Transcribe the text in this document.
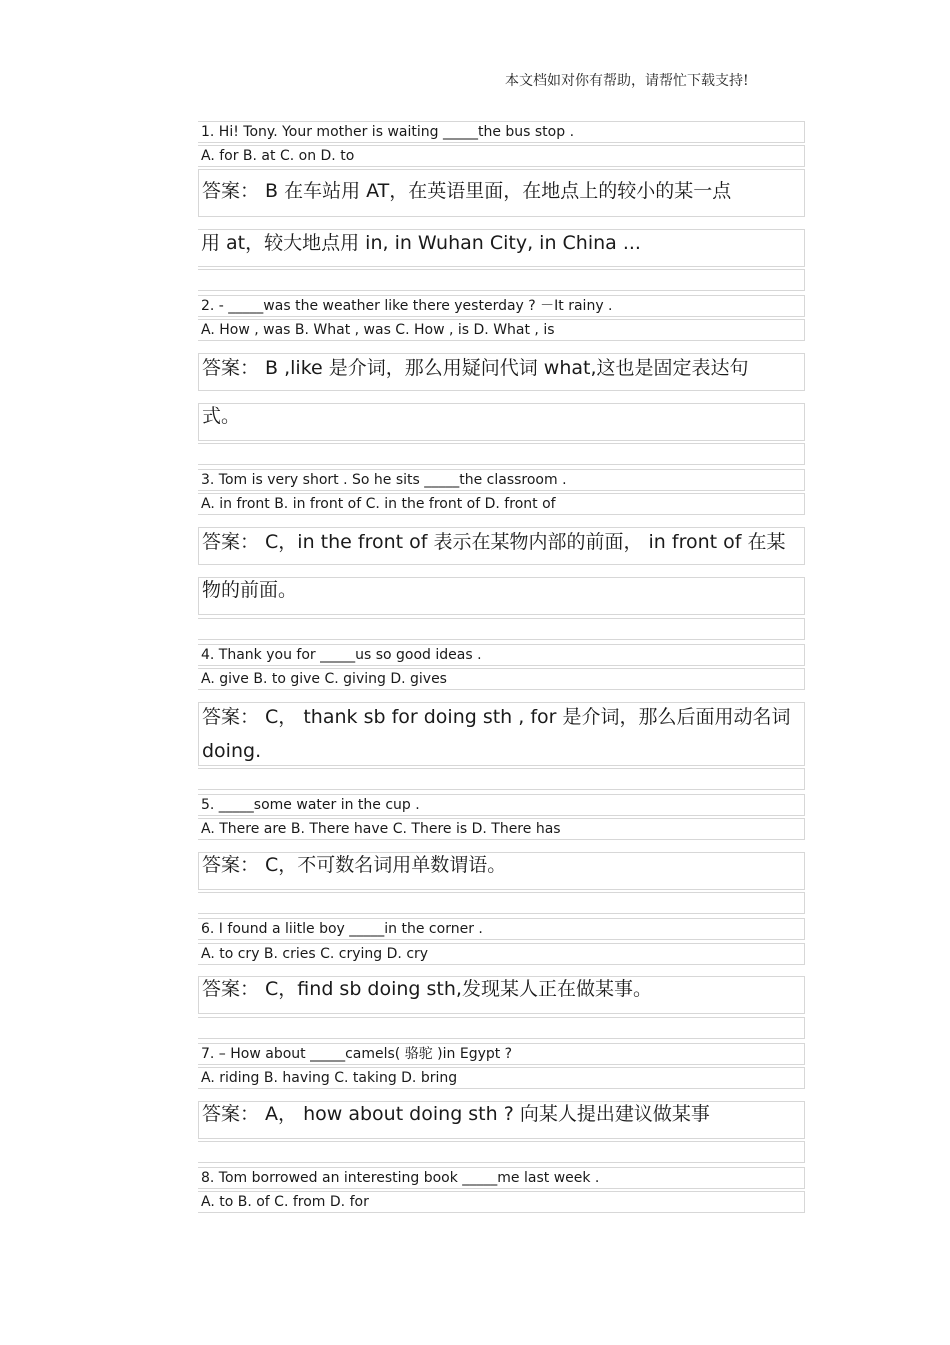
本文档如对你有帮助，请帮忙下载支持!
1. Hi! Tony. Your mother is waiting _____the bus stop .
A. for B. at C. on D. to
答案： B 在车站用 AT，在英语里面，在地点上的较小的某一点
用 at，较大地点用 in, in Wuhan City, in China ...
2. - _____was the weather like there yesterday ? －It rainy .
A. How , was B. What , was C. How , is D. What , is
答案： B ,like 是介词，那么用疑问代词 what,这也是固定表达句
式。
3. Tom is very short . So he sits _____the classroom .
A. in front B. in front of C. in the front of D. front of
答案： C，in the front of 表示在某物内部的前面， in front of 在某
物的前面。
4. Thank you for _____us so good ideas .
A. give B. to give C. giving D. gives
答案： C， thank sb for doing sth , for 是介词，那么后面用动名词
doing.
5. _____some water in the cup .
A. There are B. There have C. There is D. There has
答案： C，不可数名词用单数谓语。
6. I found a liitle boy _____in the corner .
A. to cry B. cries C. crying D. cry
答案： C，find sb doing sth,发现某人正在做某事。
7. – How about _____camels( 骆驼 )in Egypt ?
A. riding B. having C. taking D. bring
答案： A， how about doing sth ? 向某人提出建议做某事
8. Tom borrowed an interesting book _____me last week .
A. to B. of C. from D. for
